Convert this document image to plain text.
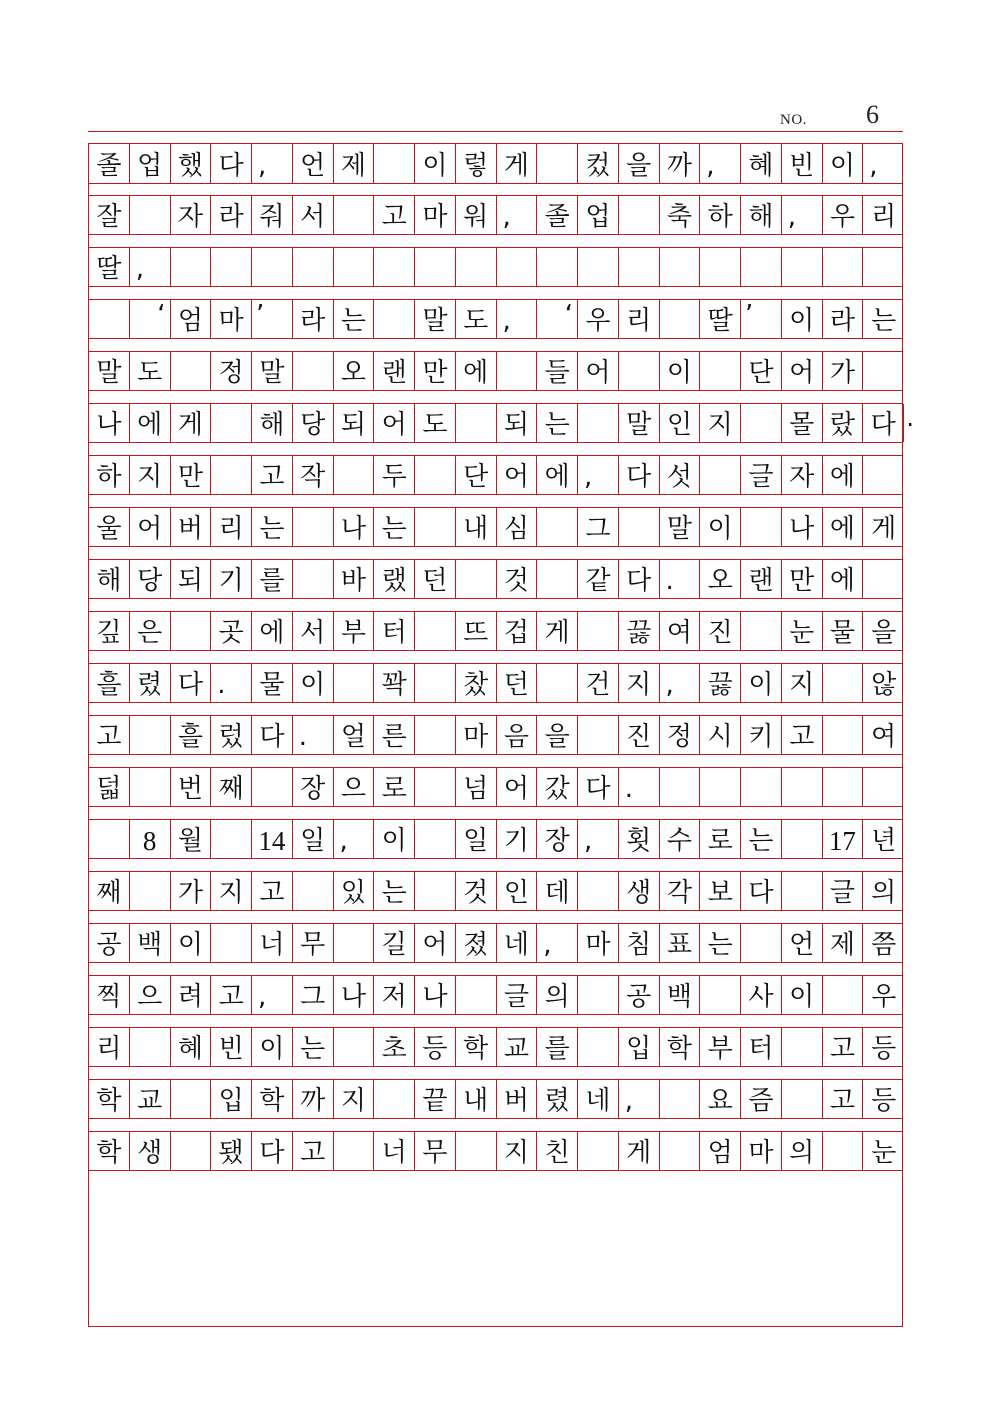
NO. 6
졸 업 했 다 ,	언 제	이 렇 게	컸 을 까 ,	혜 빈 이 ,
잘	자 라 줘 서	고 마 워 ,	졸 업	축 하 해 ,	우 리
딸 ,
‘ 엄 마 ’	라 는	말 도 ,	‘ 우 리	딸 ’	이 라 는
말 도	정 말	오 랜 만 에	들 어	이	단 어 가
나 에 게	해 당 되 어 도	되 는	말 인 지	몰 랐 다 .
하 지 만	고 작	두	단 어 에 ,	다 섯	글 자 에
울 어 버 리 는	나 는	내 심	그	말 이	나 에 게
해 당 되 기 를	바 랬 던	것	같 다 .	오 랜 만 에
깊 은	곳 에 서 부 터	뜨 겁 게	끓 여 진	눈 물 을
흘 렸 다 .	물 이	꽉	찼 던	건 지 ,	끓 이 지	않
고	흘 렀 다 .	얼 른	마 음 을	진 정 시 키 고	여
덟	번 째	장 으 로	넘 어 갔 다 .
8 월	14 일 ,	이	일 기 장 ,	횟 수 로 는	17 년
째	가 지 고	있 는	것 인 데	생 각 보 다	글 의
공 백 이	너 무	길 어 졌 네 ,	마 침 표 는	언 제 쯤
찍 으 려 고 ,	그 나 저 나	글 의	공 백	사 이	우
리	혜 빈 이 는	초 등 학 교 를	입 학 부 터	고 등
학 교	입 학 까 지	끝 내 버 렸 네 ,	요 즘	고 등
학 생	됐 다 고	너 무	지 친	게	엄 마 의	눈
